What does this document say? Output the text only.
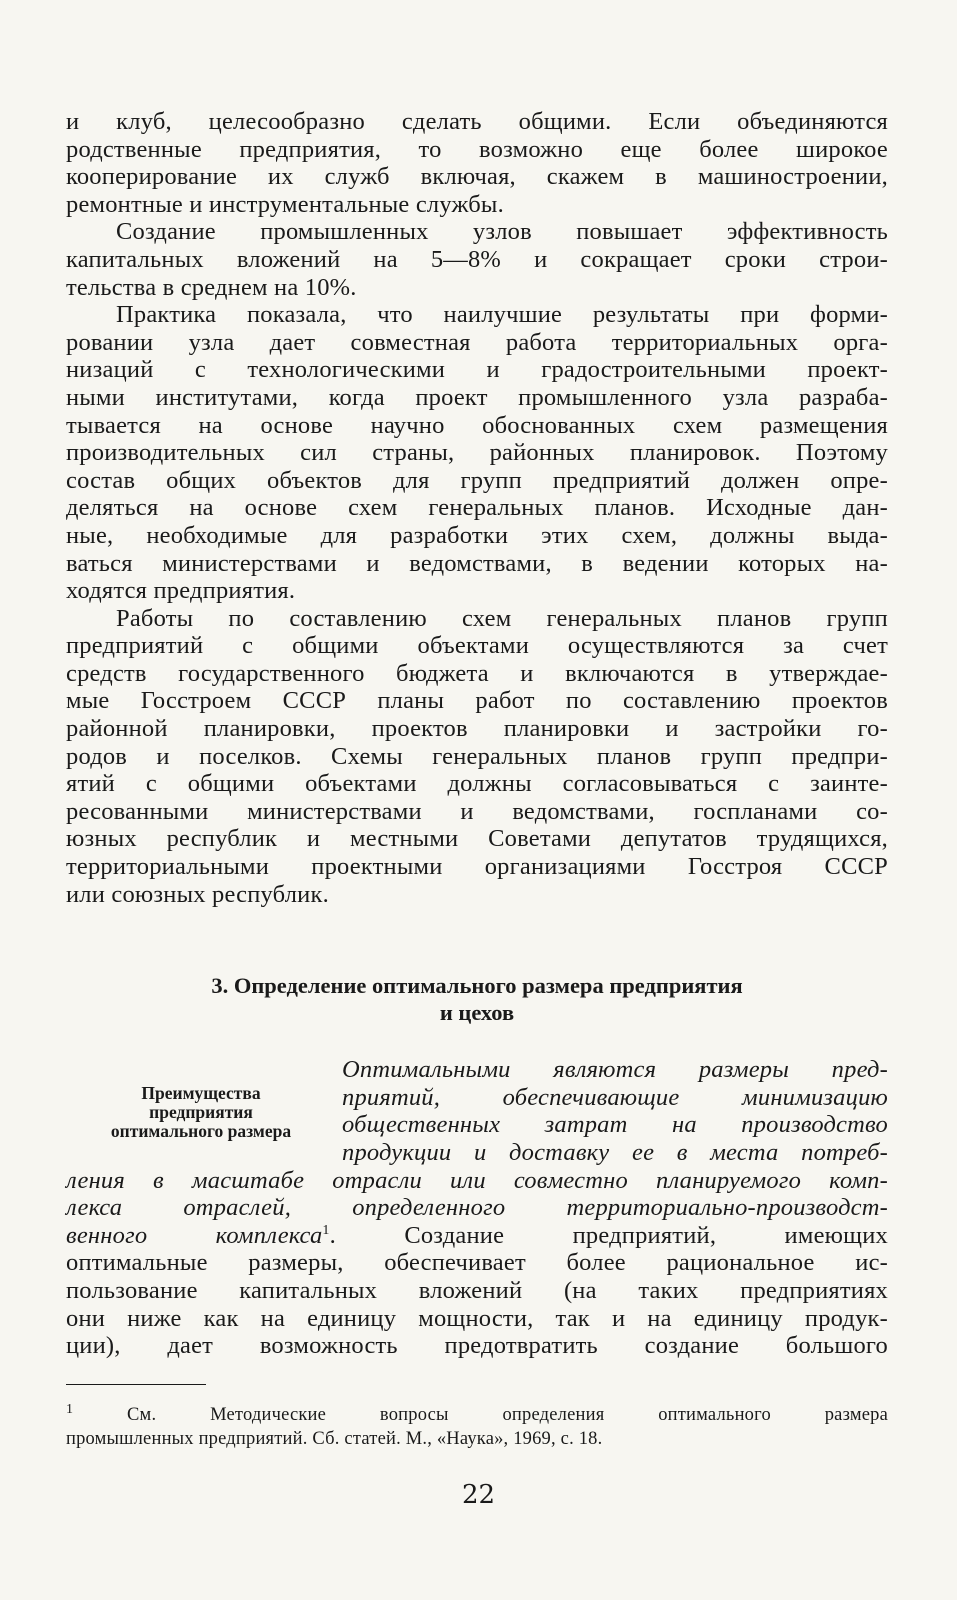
и клуб, целесообразно сделать общими. Если объединяются
родственные предприятия, то возможно еще более широкое
кооперирование их служб включая, скажем в машиностроении,
ремонтные и инструментальные службы.
Создание промышленных узлов повышает эффективность
капитальных вложений на 5—8% и сокращает сроки строи-
тельства в среднем на 10%.
Практика показала, что наилучшие результаты при форми-
ровании узла дает совместная работа территориальных орга-
низаций с технологическими и градостроительными проект-
ными институтами, когда проект промышленного узла разраба-
тывается на основе научно обоснованных схем размещения
производительных сил страны, районных планировок. Поэтому
состав общих объектов для групп предприятий должен опре-
деляться на основе схем генеральных планов. Исходные дан-
ные, необходимые для разработки этих схем, должны выда-
ваться министерствами и ведомствами, в ведении которых на-
ходятся предприятия.
Работы по составлению схем генеральных планов групп
предприятий с общими объектами осуществляются за счет
средств государственного бюджета и включаются в утверждае-
мые Госстроем СССР планы работ по составлению проектов
районной планировки, проектов планировки и застройки го-
родов и поселков. Схемы генеральных планов групп предпри-
ятий с общими объектами должны согласовываться с заинте-
ресованными министерствами и ведомствами, госпланами со-
юзных республик и местными Советами депутатов трудящихся,
территориальными проектными организациями Госстроя СССР
или союзных республик.
3. Определение оптимального размера предприятия
и цехов
Преимущества
предприятия
оптимального размера
Оптимальными являются размеры пред-
приятий, обеспечивающие минимизацию
общественных затрат на производство
продукции и доставку ее в места потреб-
ления в масштабе отрасли или совместно планируемого комп-
лекса отраслей, определенного территориально-производст-
венного комплекса$^1$. Создание предприятий, имеющих
оптимальные размеры, обеспечивает более рациональное ис-
пользование капитальных вложений (на таких предприятиях
они ниже как на единицу мощности, так и на единицу продук-
ции), дает возможность предотвратить создание большого
$^1$ См. Методические вопросы определения оптимального размера
промышленных предприятий. Сб. статей. М., «Наука», 1969, с. 18.
22
